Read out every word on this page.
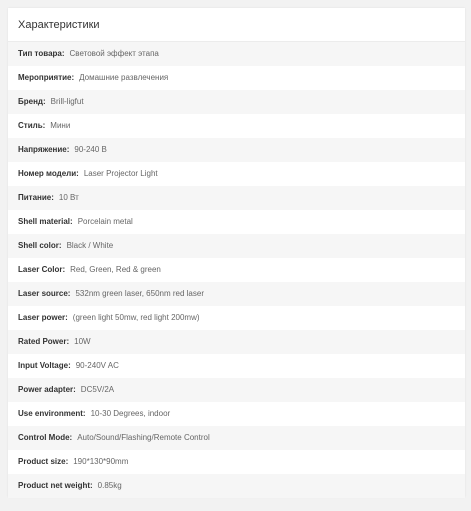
Характеристики
Тип товара: Световой эффект этапа
Мероприятие: Домашние развлечения
Бренд: Brill-ligfut
Стиль: Мини
Напряжение: 90-240 В
Номер модели: Laser Projector Light
Питание: 10 Вт
Shell material: Porcelain metal
Shell color: Black / White
Laser Color: Red, Green, Red & green
Laser source: 532nm green laser, 650nm red laser
Laser power: (green light 50mw, red light 200mw)
Rated Power: 10W
Input Voltage: 90-240V AC
Power adapter: DC5V/2A
Use environment: 10-30 Degrees, indoor
Control Mode: Auto/Sound/Flashing/Remote Control
Product size: 190*130*90mm
Product net weight: 0.85kg
